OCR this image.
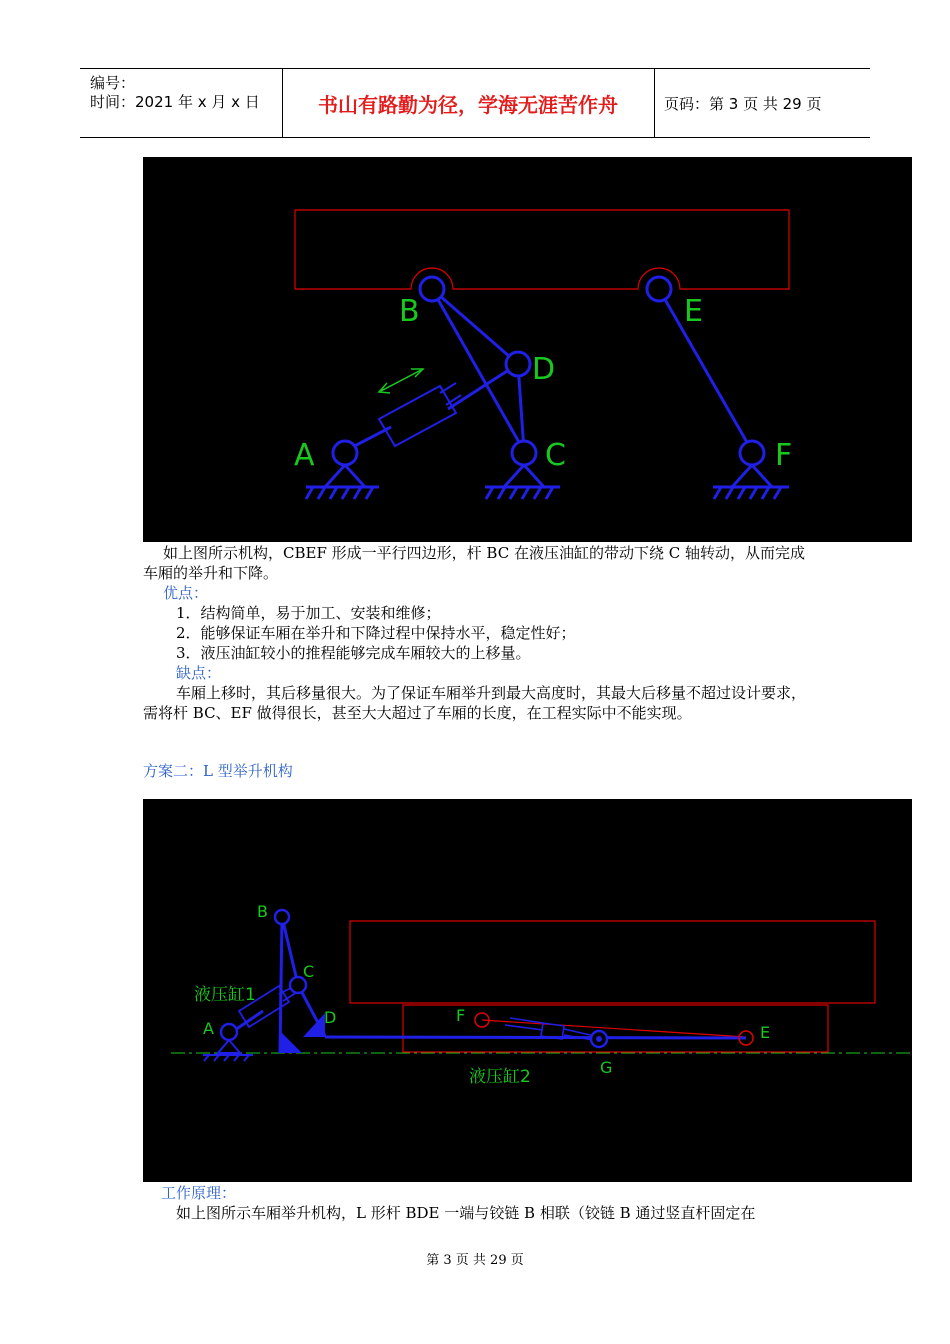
编号：
时间：2021 年 x 月 x 日	书山有路勤为径，学海无涯苦作舟	页码：第 3 页 共 29 页
B	E
D
A	C	F
如上图所示机构，CBEF 形成一平行四边形，杆 BC 在液压油缸的带动下绕 C 轴转动，从而完成车厢的举升和下降。
优点：
1．结构简单，易于加工、安装和维修；
2．能够保证车厢在举升和下降过程中保持水平，稳定性好；
3．液压油缸较小的推程能够完成车厢较大的上移量。
缺点：
车厢上移时，其后移量很大。为了保证车厢举升到最大高度时，其最大后移量不超过设计要求，需将杆 BC、EF 做得很长，甚至大大超过了车厢的长度，在工程实际中不能实现。
方案二：L 型举升机构
B
C
A
D	F
E
G
液压缸1
液压缸2
工作原理：
如上图所示车厢举升机构，L 形杆 BDE 一端与铰链 B 相联（铰链 B 通过竖直杆固定在
第 3 页 共 29 页
